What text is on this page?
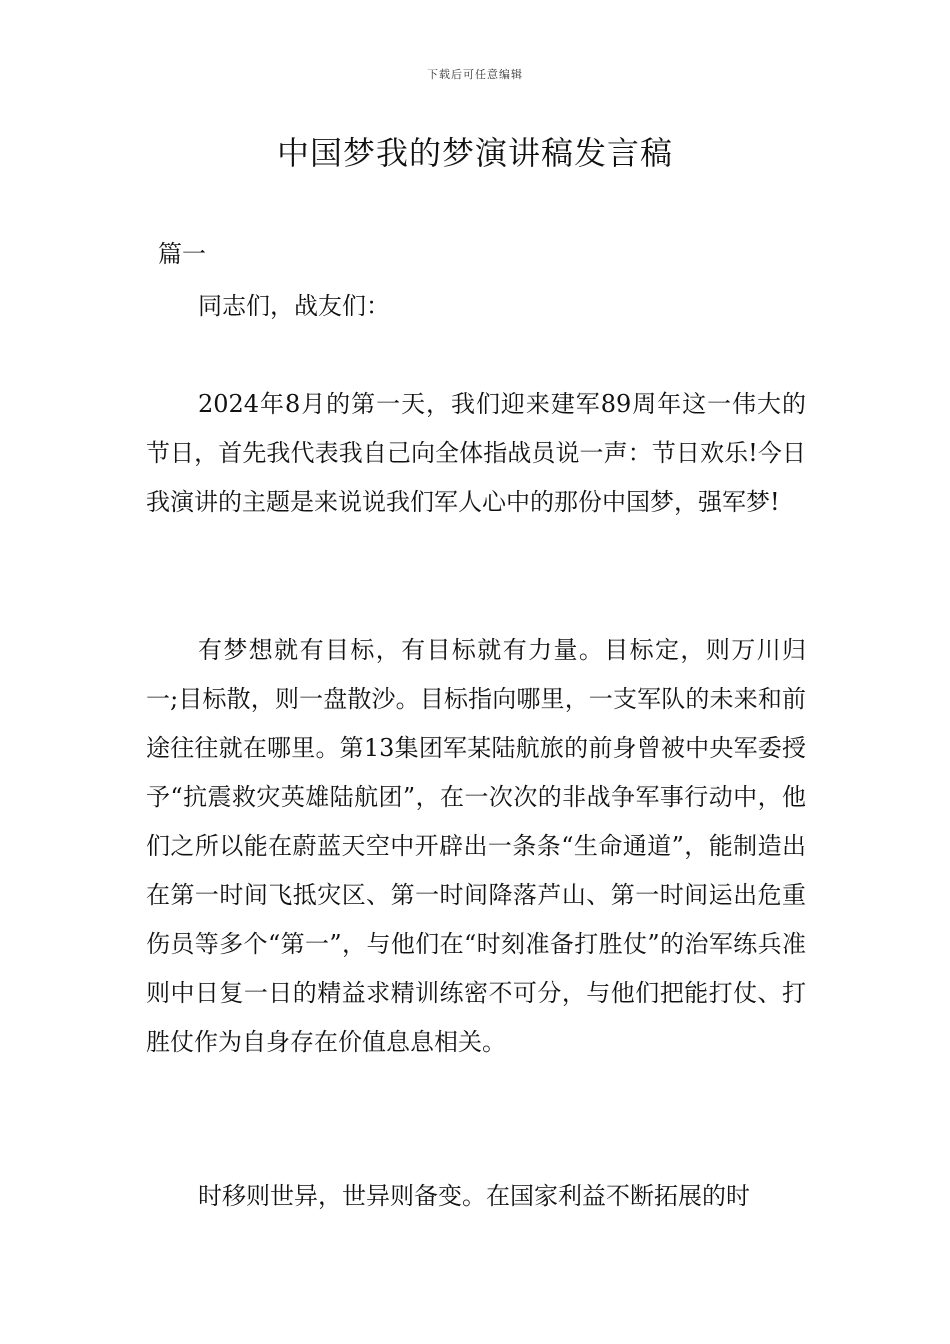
下载后可任意编辑
中国梦我的梦演讲稿发言稿
篇一

同志们，战友们：

2024年8月的第一天，我们迎来建军89周年这一伟大的节日，首先我代表我自己向全体指战员说一声：节日欢乐!今日我演讲的主题是来说说我们军人心中的那份中国梦，强军梦!

有梦想就有目标，有目标就有力量。目标定，则万川归一;目标散，则一盘散沙。目标指向哪里，一支军队的未来和前途往往就在哪里。第13集团军某陆航旅的前身曾被中央军委授予“抗震救灾英雄陆航团”，在一次次的非战争军事行动中，他们之所以能在蔚蓝天空中开辟出一条条“生命通道”，能制造出在第一时间飞抵灾区、第一时间降落芦山、第一时间运出危重伤员等多个“第一”，与他们在“时刻准备打胜仗”的治军练兵准则中日复一日的精益求精训练密不可分，与他们把能打仗、打胜仗作为自身存在价值息息相关。

时移则世异，世异则备变。在国家利益不断拓展的时
